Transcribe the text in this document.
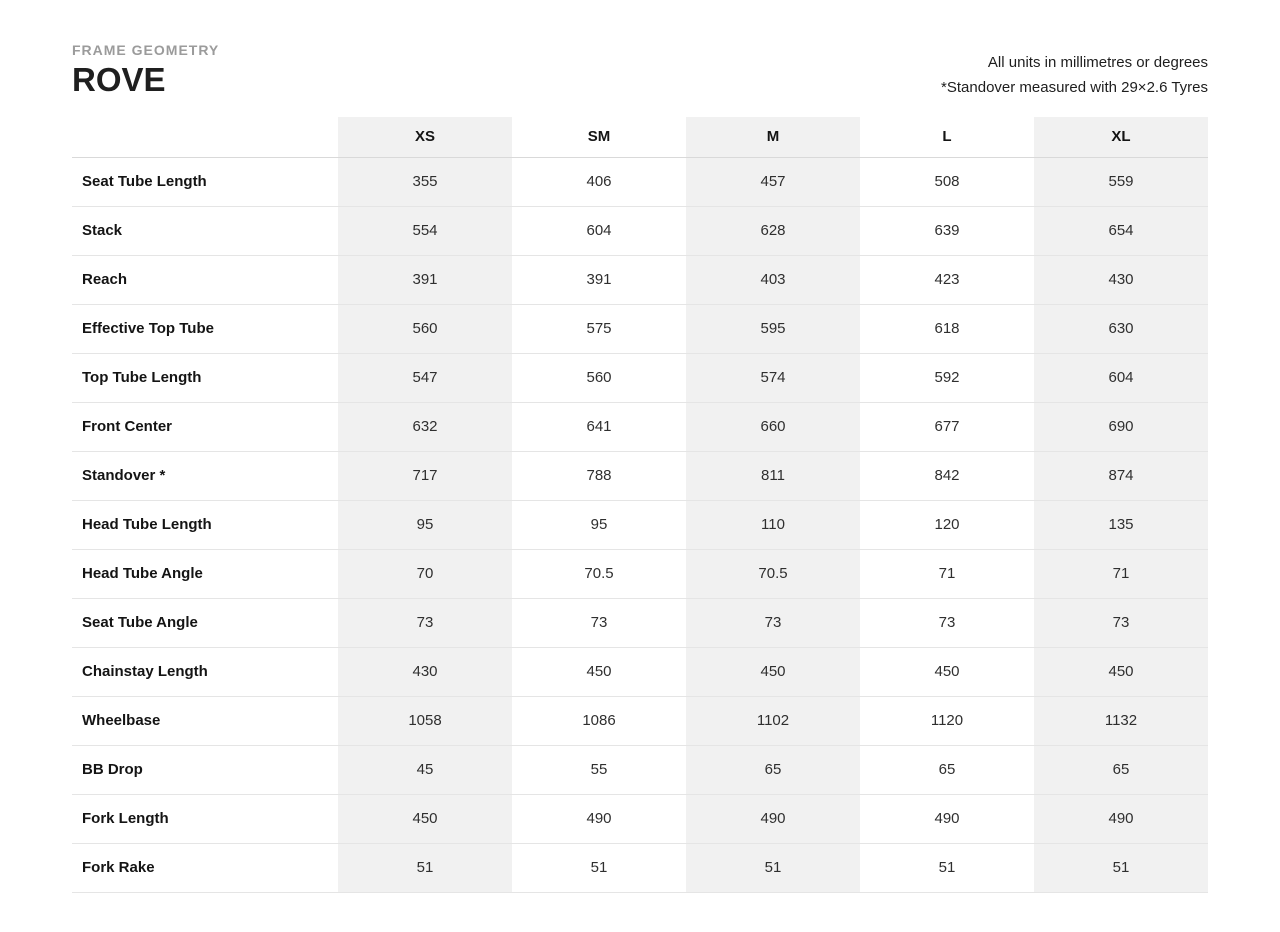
FRAME GEOMETRY
ROVE	All units in millimetres or degrees
*Standover measured with 29×2.6 Tyres
	XS	SM	M	L	XL
Seat Tube Length	355	406	457	508	559
Stack	554	604	628	639	654
Reach	391	391	403	423	430
Effective Top Tube	560	575	595	618	630
Top Tube Length	547	560	574	592	604
Front Center	632	641	660	677	690
Standover *	717	788	811	842	874
Head Tube Length	95	95	110	120	135
Head Tube Angle	70	70.5	70.5	71	71
Seat Tube Angle	73	73	73	73	73
Chainstay Length	430	450	450	450	450
Wheelbase	1058	1086	1102	1120	1132
BB Drop	45	55	65	65	65
Fork Length	450	490	490	490	490
Fork Rake	51	51	51	51	51
